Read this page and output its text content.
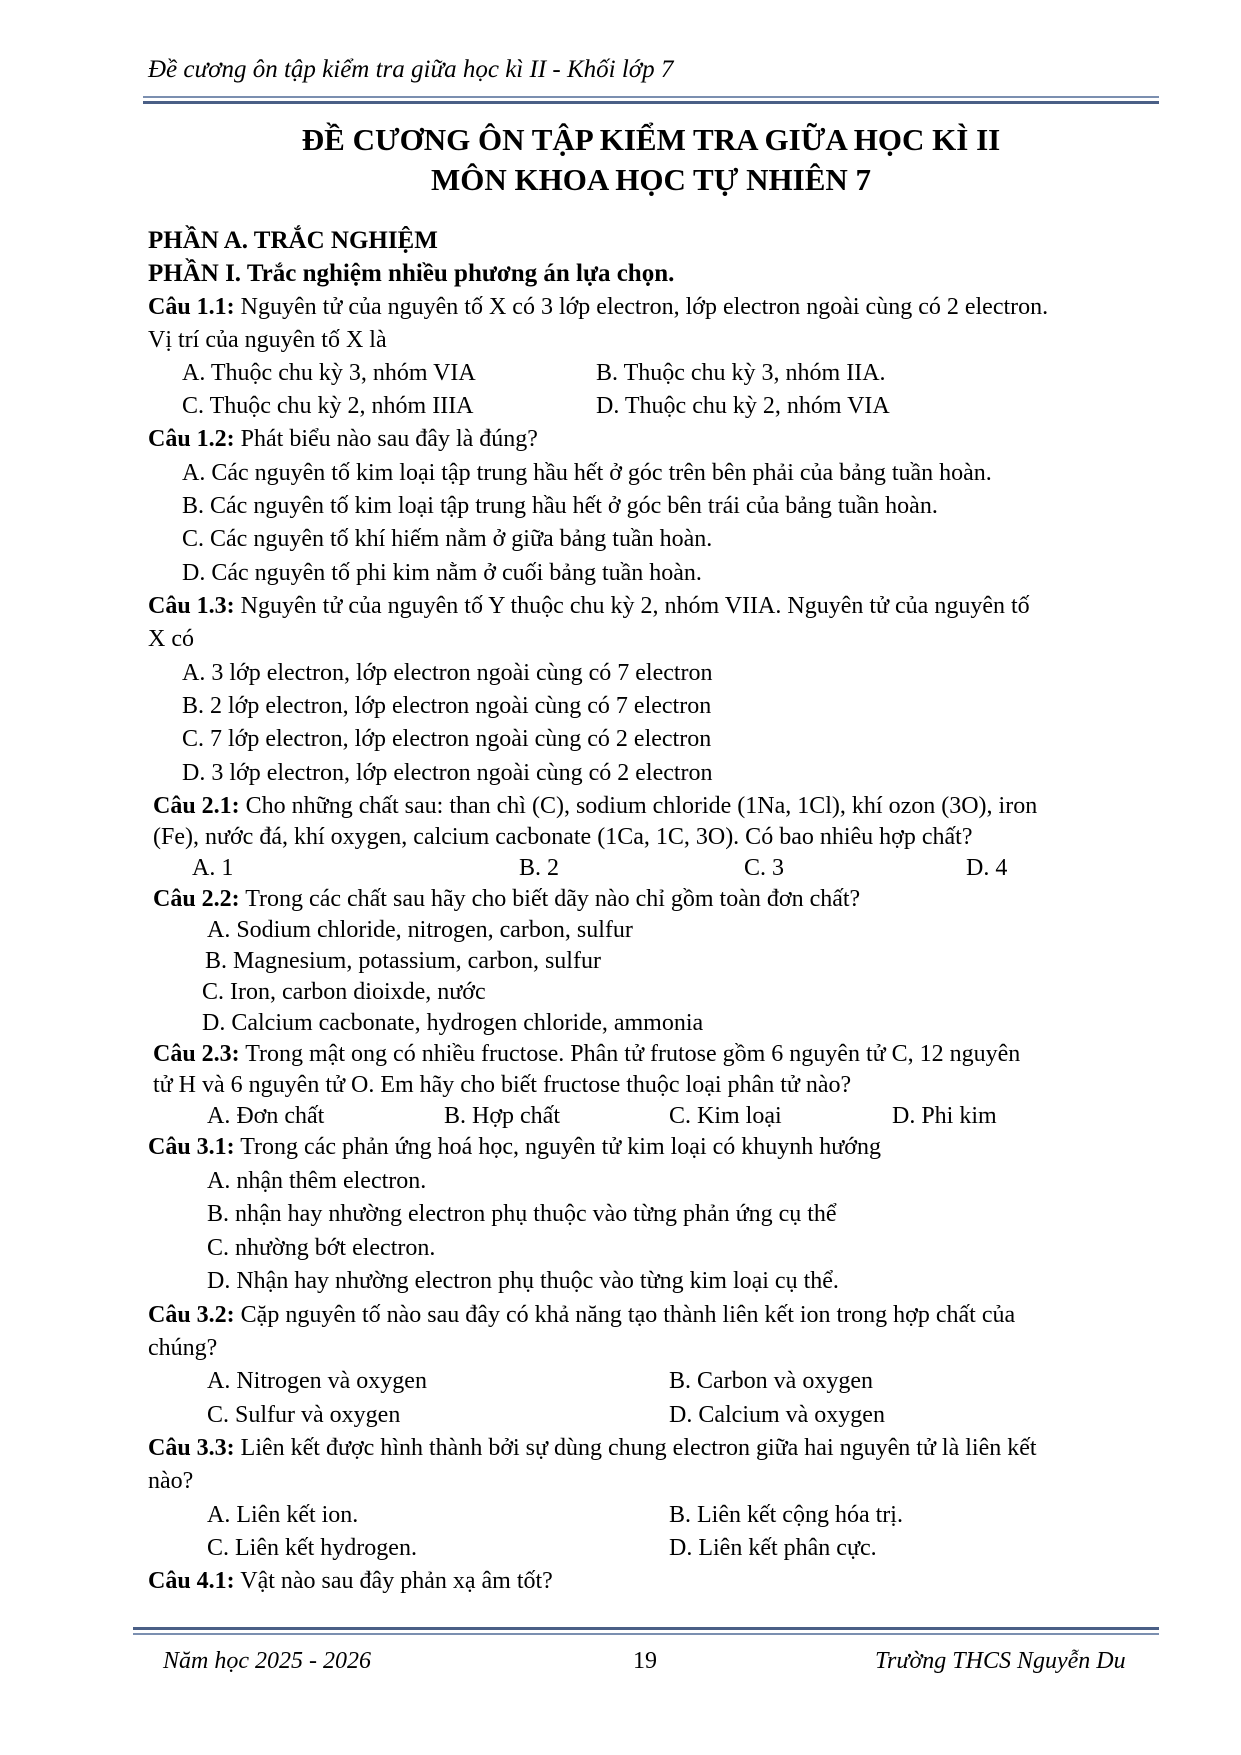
Đề cương ôn tập kiểm tra giữa học kì II - Khối lớp 7
ĐỀ CƯƠNG ÔN TẬP KIỂM TRA GIỮA HỌC KÌ II
MÔN KHOA HỌC TỰ NHIÊN 7
PHẦN A. TRẮC NGHIỆM
PHẦN I. Trắc nghiệm nhiều phương án lựa chọn.
Câu 1.1: Nguyên tử của nguyên tố X có 3 lớp electron, lớp electron ngoài cùng có 2 electron.
Vị trí của nguyên tố X là
A. Thuộc chu kỳ 3, nhóm VIA	B. Thuộc chu kỳ 3, nhóm IIA.
C. Thuộc chu kỳ 2, nhóm IIIA	D. Thuộc chu kỳ 2, nhóm VIA
Câu 1.2: Phát biểu nào sau đây là đúng?
A. Các nguyên tố kim loại tập trung hầu hết ở góc trên bên phải của bảng tuần hoàn.
B. Các nguyên tố kim loại tập trung hầu hết ở góc bên trái của bảng tuần hoàn.
C. Các nguyên tố khí hiếm nằm ở giữa bảng tuần hoàn.
D. Các nguyên tố phi kim nằm ở cuối bảng tuần hoàn.
Câu 1.3: Nguyên tử của nguyên tố Y thuộc chu kỳ 2, nhóm VIIA. Nguyên tử của nguyên tố
X có
A. 3 lớp electron, lớp electron ngoài cùng có 7 electron
B. 2 lớp electron, lớp electron ngoài cùng có 7 electron
C. 7 lớp electron, lớp electron ngoài cùng có 2 electron
D. 3 lớp electron, lớp electron ngoài cùng có 2 electron
Câu 2.1: Cho những chất sau: than chì (C), sodium chloride (1Na, 1Cl), khí ozon (3O), iron
(Fe), nước đá, khí oxygen, calcium cacbonate (1Ca, 1C, 3O). Có bao nhiêu hợp chất?
A. 1	B. 2	C. 3	D. 4
Câu 2.2: Trong các chất sau hãy cho biết dãy nào chỉ gồm toàn đơn chất?
A. Sodium chloride, nitrogen, carbon, sulfur
B. Magnesium, potassium, carbon, sulfur
C. Iron, carbon dioixde, nước
D. Calcium cacbonate, hydrogen chloride, ammonia
Câu 2.3: Trong mật ong có nhiều fructose. Phân tử frutose gồm 6 nguyên tử C, 12 nguyên
tử H và 6 nguyên tử O. Em hãy cho biết fructose thuộc loại phân tử nào?
A. Đơn chất	B. Hợp chất	C. Kim loại	D. Phi kim
Câu 3.1: Trong các phản ứng hoá học, nguyên tử kim loại có khuynh hướng
A. nhận thêm electron.
B. nhận hay nhường electron phụ thuộc vào từng phản ứng cụ thể
C. nhường bớt electron.
D. Nhận hay nhường electron phụ thuộc vào từng kim loại cụ thể.
Câu 3.2: Cặp nguyên tố nào sau đây có khả năng tạo thành liên kết ion trong hợp chất của
chúng?
A. Nitrogen và oxygen	B. Carbon và oxygen
C. Sulfur và oxygen	D. Calcium và oxygen
Câu 3.3: Liên kết được hình thành bởi sự dùng chung electron giữa hai nguyên tử là liên kết
nào?
A. Liên kết ion.	B. Liên kết cộng hóa trị.
C. Liên kết hydrogen.	D. Liên kết phân cực.
Câu 4.1: Vật nào sau đây phản xạ âm tốt?
Năm học 2025 - 2026	19	Trường THCS Nguyễn Du
